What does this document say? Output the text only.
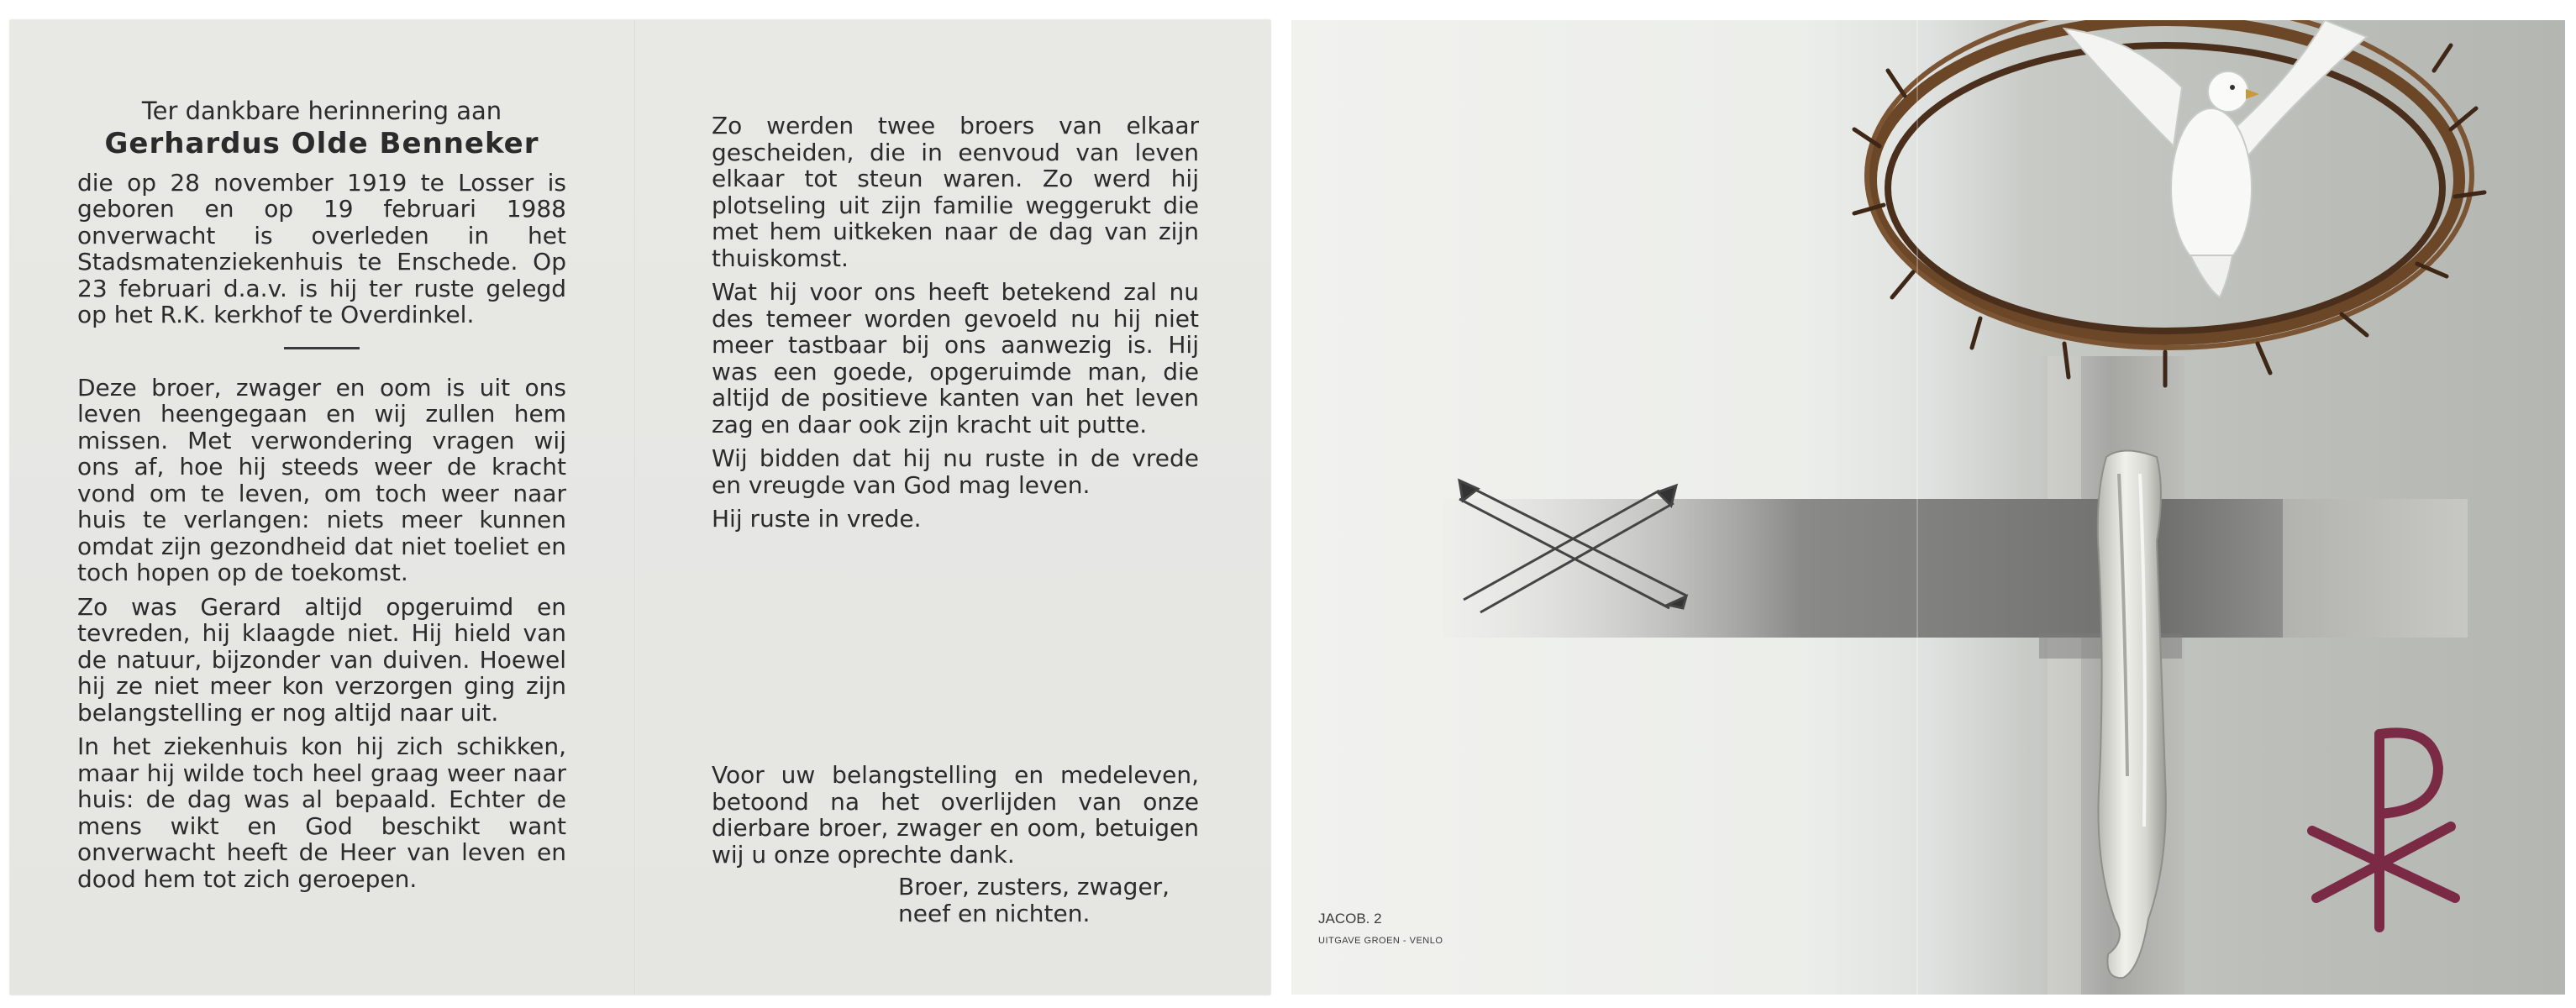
Ter dankbare herinnering aan
Gerhardus Olde Benneker

die op 28 november 1919 te Losser is geboren en op 19 februari 1988 onverwacht is overleden in het Stadsmatenziekenhuis te Enschede. Op 23 februari d.a.v. is hij ter ruste gelegd op het R.K. kerkhof te Overdinkel.

Deze broer, zwager en oom is uit ons leven heengegaan en wij zullen hem missen. Met verwondering vragen wij ons af, hoe hij steeds weer de kracht vond om te leven, om toch weer naar huis te verlangen: niets meer kunnen omdat zijn gezondheid dat niet toeliet en toch hopen op de toekomst.

Zo was Gerard altijd opgeruimd en tevreden, hij klaagde niet. Hij hield van de natuur, bijzonder van duiven. Hoewel hij ze niet meer kon verzorgen ging zijn belangstelling er nog altijd naar uit.

In het ziekenhuis kon hij zich schikken, maar hij wilde toch heel graag weer naar huis: de dag was al bepaald. Echter de mens wikt en God beschikt want onverwacht heeft de Heer van leven en dood hem tot zich geroepen.

Zo werden twee broers van elkaar gescheiden, die in eenvoud van leven elkaar tot steun waren. Zo werd hij plotseling uit zijn familie weggerukt die met hem uitkeken naar de dag van zijn thuiskomst.

Wat hij voor ons heeft betekend zal nu des temeer worden gevoeld nu hij niet meer tastbaar bij ons aanwezig is. Hij was een goede, opgeruimde man, die altijd de positieve kanten van het leven zag en daar ook zijn kracht uit putte.

Wij bidden dat hij nu ruste in de vrede en vreugde van God mag leven.

Hij ruste in vrede.

Voor uw belangstelling en medeleven, betoond na het overlijden van onze dierbare broer, zwager en oom, betuigen wij u onze oprechte dank.

Broer, zusters, zwager,
neef en nichten.	JACOB. 2
UITGAVE GROEN - VENLO
